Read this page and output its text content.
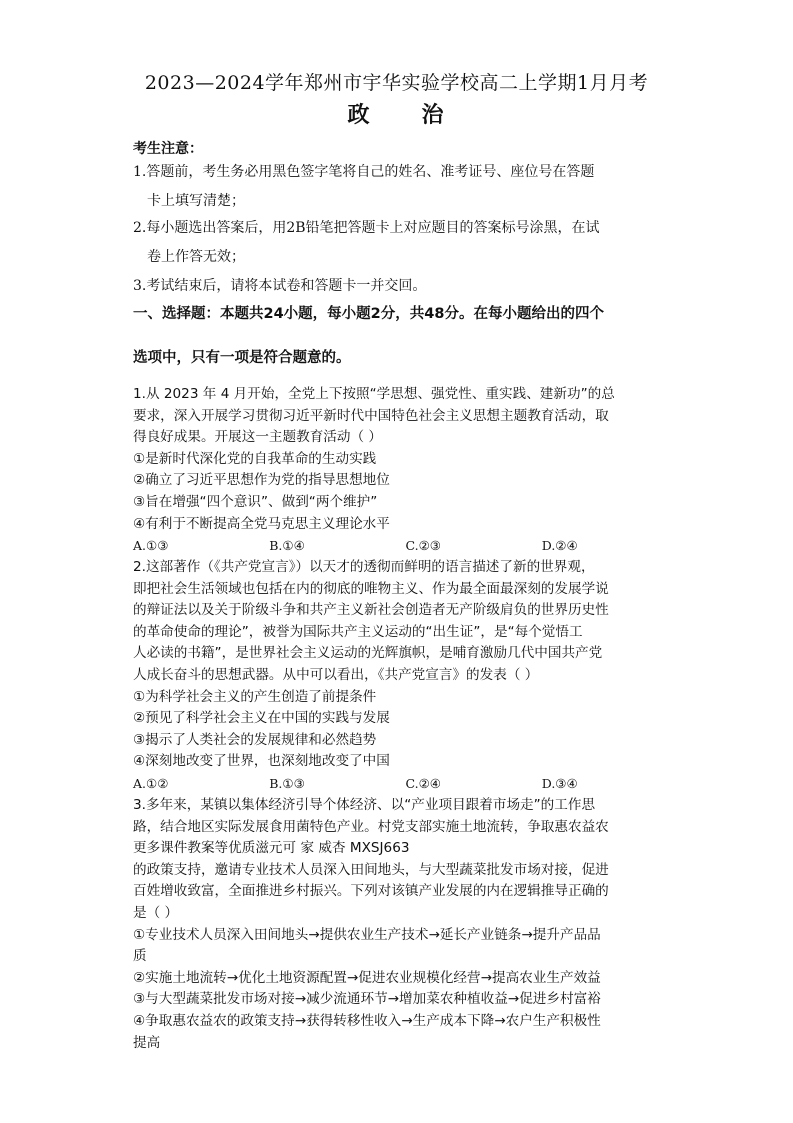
2023—2024学年郑州市宇华实验学校高二上学期1月月考
政 治
考生注意：
1.答题前，考生务必用黑色签字笔将自己的姓名、准考证号、座位号在答题
卡上填写清楚；
2.每小题选出答案后，用2B铅笔把答题卡上对应题目的答案标号涂黑，在试
卷上作答无效；
3.考试结束后，请将本试卷和答题卡一并交回。
一、选择题：本题共24小题，每小题2分，共48分。在每小题给出的四个
选项中，只有一项是符合题意的。

1.从 2023 年 4 月开始，全党上下按照“学思想、强党性、重实践、建新功”的总

要求，深入开展学习贯彻习近平新时代中国特色社会主义思想主题教育活动，取

得良好成果。开展这一主题教育活动（ ）

①是新时代深化党的自我革命的生动实践

②确立了习近平思想作为党的指导思想地位

③旨在增强“四个意识”、做到“两个维护”

④有利于不断提高全党马克思主义理论水平

A.①③	B.①④	C.②③	D.②④

2.这部著作（《共产党宣言》）以天才的透彻而鲜明的语言描述了新的世界观，

即把社会生活领域也包括在内的彻底的唯物主义、作为最全面最深刻的发展学说

的辩证法以及关于阶级斗争和共产主义新社会创造者无产阶级肩负的世界历史性

的革命使命的理论”，被誉为国际共产主义运动的“出生证”，是“每个觉悟工

人必读的书籍”，是世界社会主义运动的光辉旗帜，是哺育激励几代中国共产党

人成长奋斗的思想武器。从中可以看出，《共产党宣言》的发表（ ）

①为科学社会主义的产生创造了前提条件

②预见了科学社会主义在中国的实践与发展

③揭示了人类社会的发展规律和必然趋势

④深刻地改变了世界，也深刻地改变了中国

A.①②	B.①③	C.②④	D.③④

3.多年来，某镇以集体经济引导个体经济、以“产业项目跟着市场走”的工作思

路，结合地区实际发展食用菌特色产业。村党支部实施土地流转，争取惠农益农

更多课件教案等优质滋元可 家 威杏 MXSJ663

的政策支持，邀请专业技术人员深入田间地头，与大型蔬菜批发市场对接，促进

百姓增收致富，全面推进乡村振兴。下列对该镇产业发展的内在逻辑推导正确的

是（ ）

①专业技术人员深入田间地头→提供农业生产技术→延长产业链条→提升产品品

质

②实施土地流转→优化土地资源配置→促进农业规模化经营→提高农业生产效益

③与大型蔬菜批发市场对接→减少流通环节→增加菜农种植收益→促进乡村富裕

④争取惠农益农的政策支持→获得转移性收入→生产成本下降→农户生产积极性

提高
